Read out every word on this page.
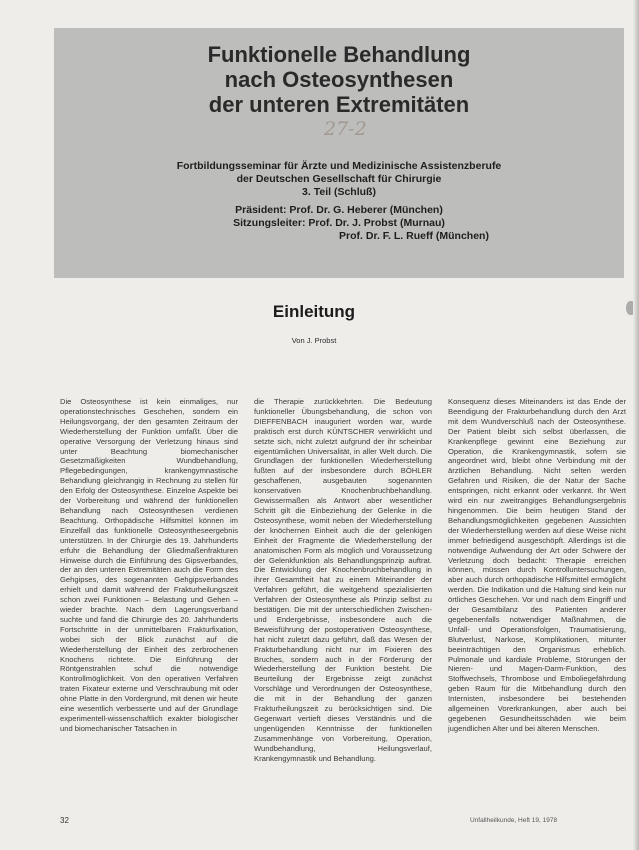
Funktionelle Behandlung
nach Osteosynthesen
der unteren Extremitäten
27-2
Fortbildungsseminar für Ärzte und Medizinische Assistenzberufe
der Deutschen Gesellschaft für Chirurgie
3. Teil (Schluß)
Präsident: Prof. Dr. G. Heberer (München)
Sitzungsleiter: Prof. Dr. J. Probst (Murnau)
Prof. Dr. F. L. Rueff (München)
Einleitung
Von J. Probst

Die Osteosynthese ist kein einmaliges, nur operationstechnisches Geschehen, sondern ein Heilungsvorgang, der den gesamten Zeitraum der Wiederherstellung der Funktion umfaßt. Über die operative Versorgung der Verletzung hinaus sind unter Beachtung biomechanischer Gesetzmäßigkeiten Wundbehandlung, Pflegebedingungen, krankengymnastische Behandlung gleichrangig in Rechnung zu stellen für den Erfolg der Osteosynthese. Einzelne Aspekte bei der Vorbereitung und während der funktionellen Behandlung nach Osteosynthesen verdienen Beachtung. Orthopädische Hilfsmittel können im Einzelfall das funktionelle Osteosyntheseergebnis unterstützen. In der Chirurgie des 19. Jahrhunderts erfuhr die Behandlung der Gliedmaßenfrakturen Hinweise durch die Einführung des Gipsverbandes, der an den unteren Extremitäten auch die Form des Gehgipses, des sogenannten Gehgipsverbandes erhielt und damit während der Frakturheilungszeit schon zwei Funktionen – Belastung und Gehen – wieder brachte. Nach dem Lagerungsverband suchte und fand die Chirurgie des 20. Jahrhunderts Fortschritte in der unmittelbaren Frakturfixation, wobei sich der Blick zunächst auf die Wiederherstellung der Einheit des zerbrochenen Knochens richtete. Die Einführung der Röntgenstrahlen schuf die notwendige Kontrollmöglichkeit. Von den operativen Verfahren traten Fixateur externe und Verschraubung mit oder ohne Platte in den Vordergrund, mit denen wir heute eine wesentlich verbesserte und auf der Grundlage experimentell-wissenschaftlich exakter biologischer und biomechanischer Tatsachen in

die Therapie zurückkehrten. Die Bedeutung funktioneller Übungsbehandlung, die schon von DIEFFENBACH inauguriert worden war, wurde praktisch erst durch KÜNTSCHER verwirklicht und setzte sich, nicht zuletzt aufgrund der ihr scheinbar eigentümlichen Universalität, in aller Welt durch. Die Grundlagen der funktionellen Wiederherstellung fußten auf der insbesondere durch BÖHLER geschaffenen, ausgebauten sogenannten konservativen Knochenbruchbehandlung. Gewissermaßen als Antwort aber wesentlicher Schritt gilt die Einbeziehung der Gelenke in die Osteosynthese, womit neben der Wiederherstellung der knöchernen Einheit auch die der gelenkigen Einheit der Fragmente die Wiederherstellung der anatomischen Form als möglich und Voraussetzung der Gelenkfunktion als Behandlungsprinzip auftrat. Die Entwicklung der Knochenbruchbehandlung in ihrer Gesamtheit hat zu einem Miteinander der Verfahren geführt, die weitgehend spezialisierten Verfahren der Osteosynthese als Prinzip selbst zu bestätigen. Die mit der unterschiedlichen Zwischen- und Endergebnisse, insbesondere auch die Beweisführung der postoperativen Osteosynthese, hat nicht zuletzt dazu geführt, daß das Wesen der Frakturbehandlung nicht nur im Fixieren des Bruches, sondern auch in der Förderung der Wiederherstellung der Funktion besteht. Die Beurteilung der Ergebnisse zeigt zunächst Vorschläge und Verordnungen der Osteosynthese, die mit in der Behandlung der ganzen Frakturheilungszeit zu berücksichtigen sind. Die Gegenwart vertieft dieses Verständnis und die ungenügenden Kenntnisse der funktionellen Zusammenhänge von Vorbereitung, Operation, Wundbehandlung, Heilungsverlauf, Krankengymnastik und Behandlung.

Konsequenz dieses Miteinanders ist das Ende der Beendigung der Frakturbehandlung durch den Arzt mit dem Wundverschluß nach der Osteosynthese. Der Patient bleibt sich selbst überlassen, die Krankenpflege gewinnt eine Beziehung zur Operation, die Krankengymnastik, sofern sie angeordnet wird, bleibt ohne Verbindung mit der ärztlichen Behandlung. Nicht selten werden Gefahren und Risiken, die der Natur der Sache entspringen, nicht erkannt oder verkannt. Ihr Wert wird ein nur zweitrangiges Behandlungsergebnis hingenommen. Die beim heutigen Stand der Behandlungsmöglichkeiten gegebenen Aussichten der Wiederherstellung werden auf diese Weise nicht immer befriedigend ausgeschöpft. Allerdings ist die notwendige Aufwendung der Art oder Schwere der Verletzung doch bedacht: Therapie erreichen können, müssen durch Kontrolluntersuchungen, aber auch durch orthopädische Hilfsmittel ermöglicht werden. Die Indikation und die Haltung sind kein nur örtliches Geschehen. Vor und nach dem Eingriff und der Gesamtbilanz des Patienten anderer gegebenenfalls notwendiger Maßnahmen, die Unfall- und Operationsfolgen, Traumatisierung, Blutverlust, Narkose, Komplikationen, mitunter beeinträchtigen den Organismus erheblich. Pulmonale und kardiale Probleme, Störungen der Nieren- und Magen-Darm-Funktion, des Stoffwechsels, Thrombose und Emboliegefährdung geben Raum für die Mitbehandlung durch den Internisten, insbesondere bei bestehenden allgemeinen Vorerkrankungen, aber auch bei gegebenen Gesundheitsschäden wie beim jugendlichen Alter und bei älteren Menschen.

32	Unfallheilkunde, Heft 19, 1978
